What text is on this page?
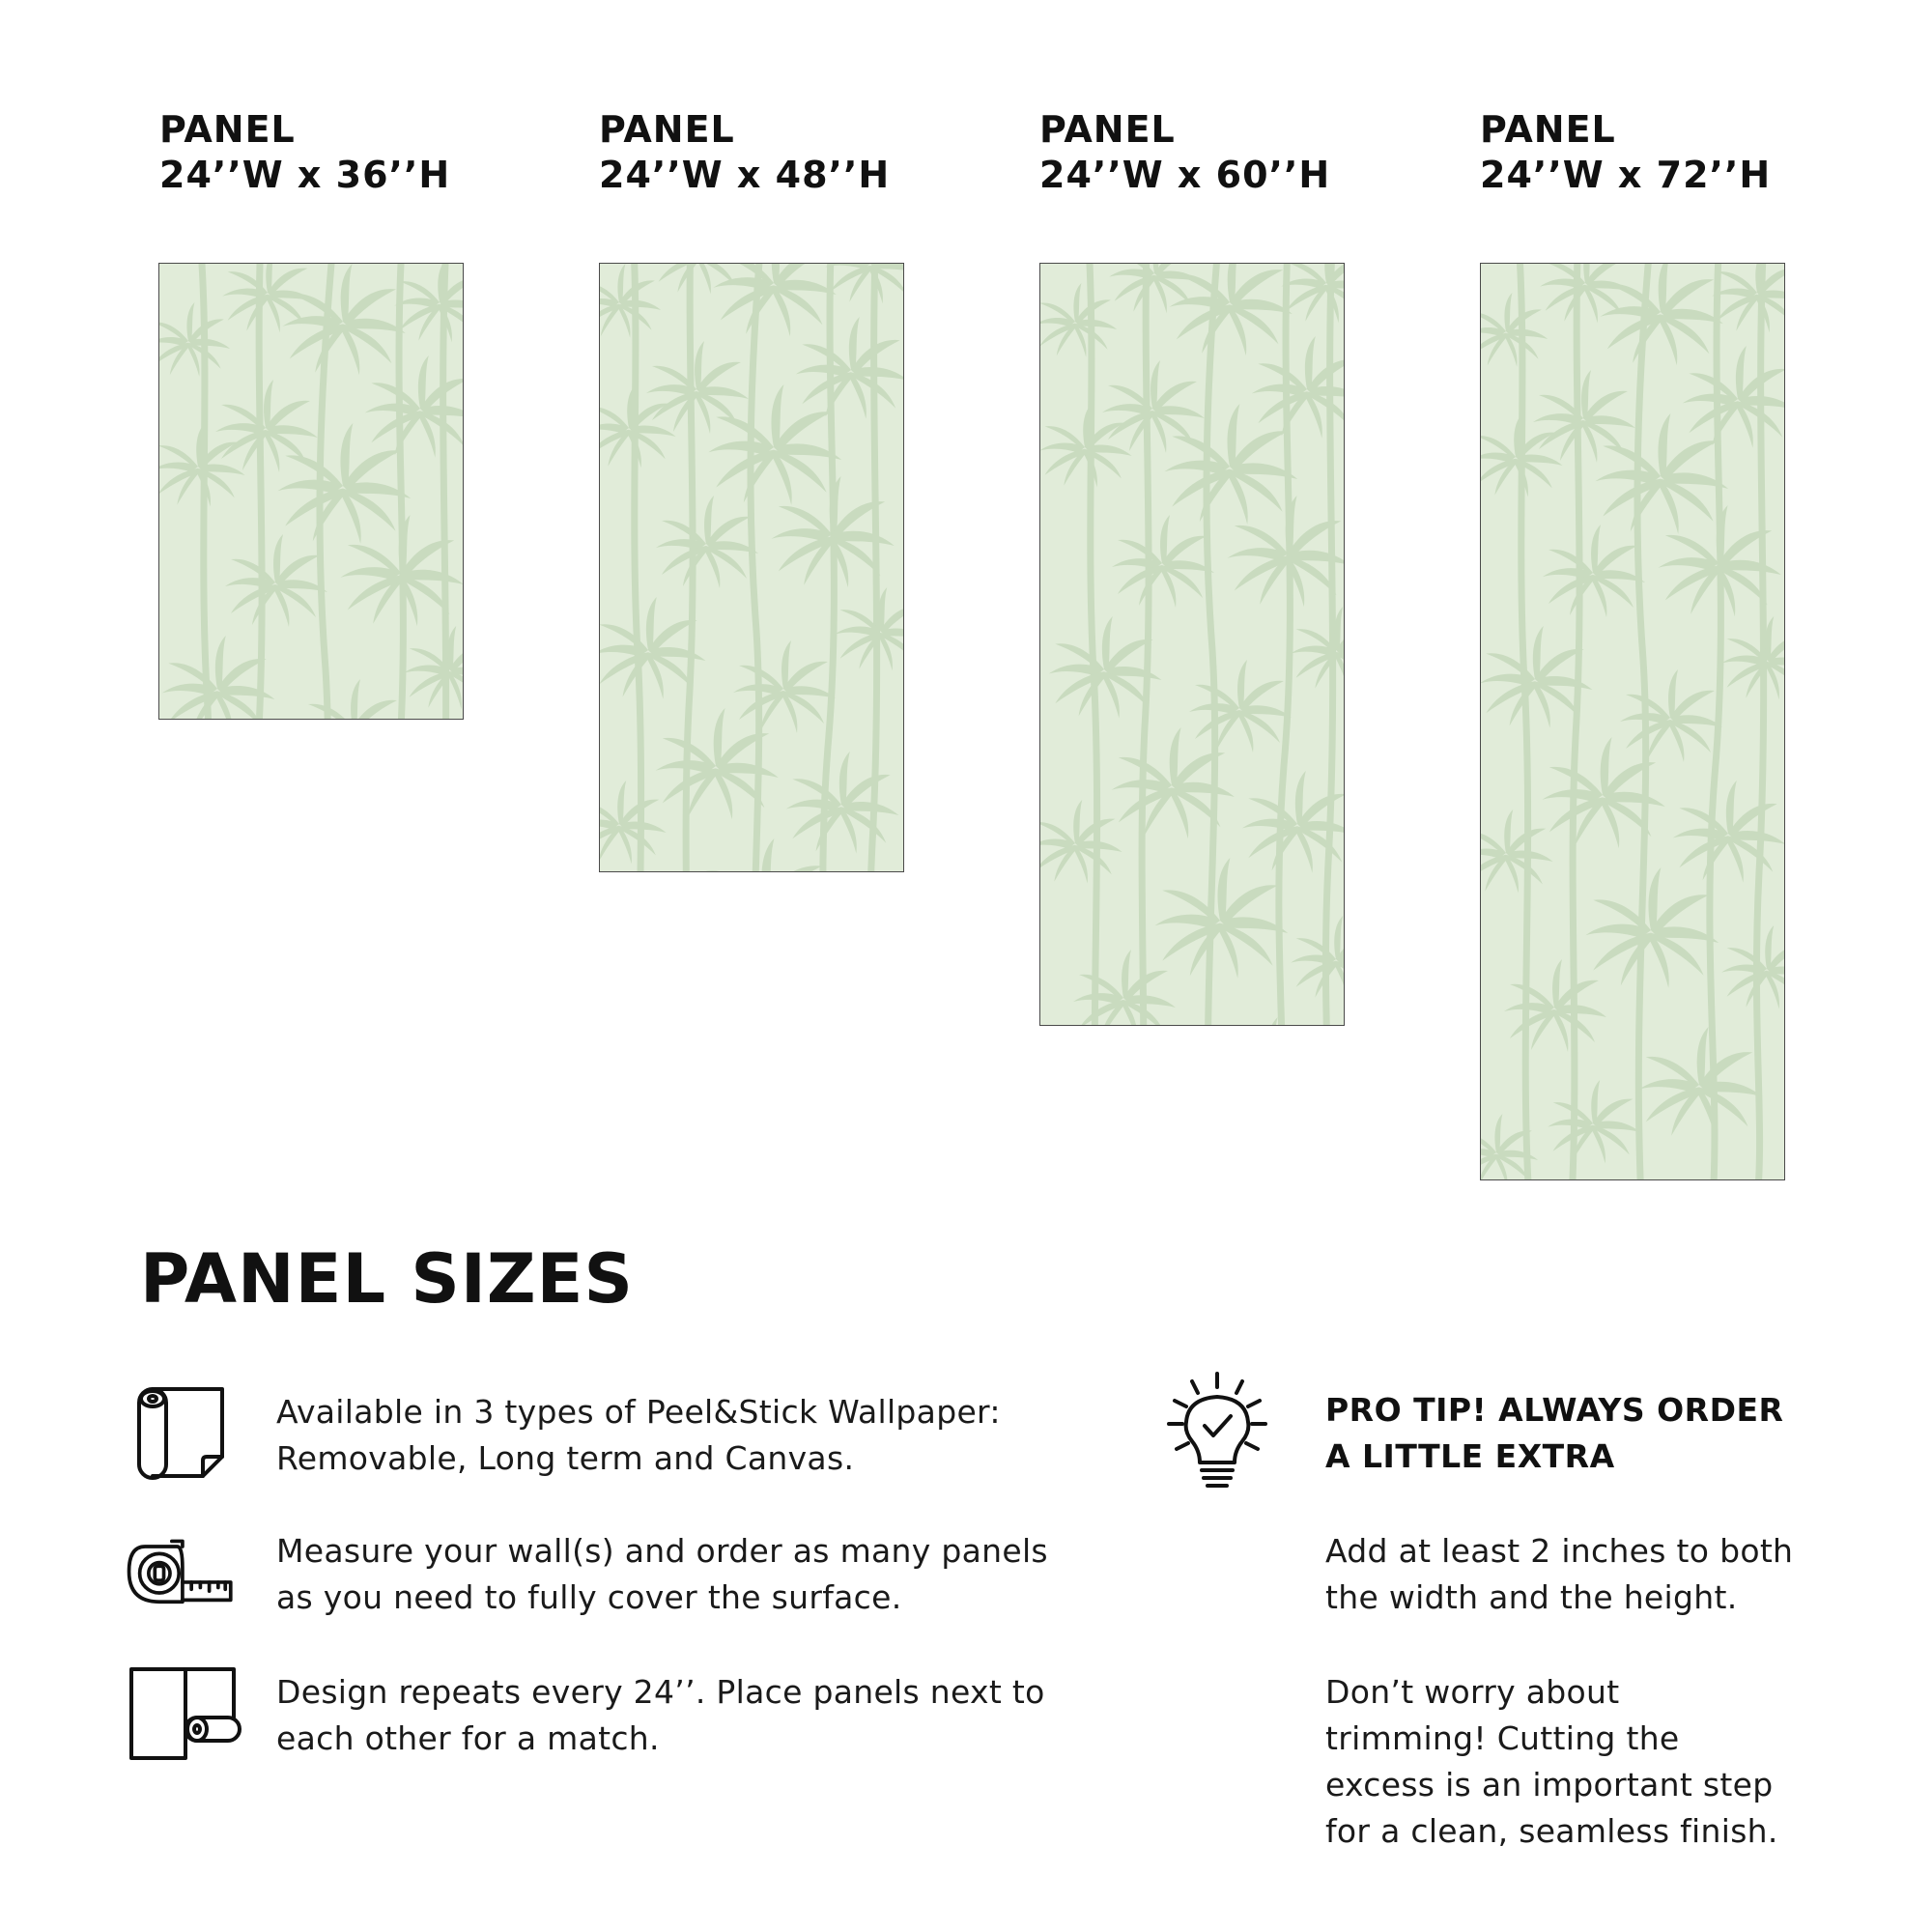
PANEL
24’’W x 36’’H
PANEL
24’’W x 48’’H
PANEL
24’’W x 60’’H
PANEL
24’’W x 72’’H
PANEL SIZES
Available in 3 types of Peel&Stick Wallpaper:
Removable, Long term and Canvas.
Measure your wall(s) and order as many panels
as you need to fully cover the surface.
Design repeats every 24’’. Place panels next to
each other for a match.
PRO TIP! ALWAYS ORDER
A LITTLE EXTRA
Add at least 2 inches to both
the width and the height.
Don’t worry about
trimming! Cutting the
excess is an important step
for a clean, seamless finish.
